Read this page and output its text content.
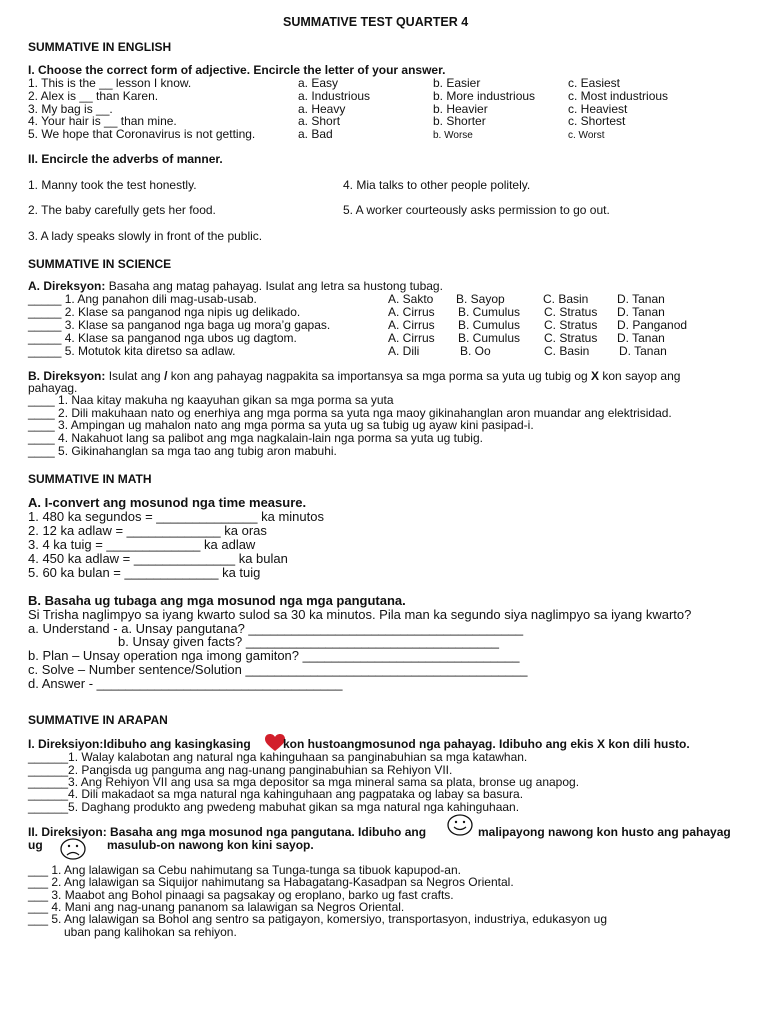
SUMMATIVE TEST QUARTER 4
SUMMATIVE IN ENGLISH
I. Choose the correct form of adjective. Encircle the letter of your answer.
1. This is the __ lesson I know.	a. Easy	b. Easier	c. Easiest
2. Alex is __ than Karen.	a. Industrious	b. More industrious	c. Most industrious
3. My bag is __.	a. Heavy	b. Heavier	c. Heaviest
4. Your hair is __ than mine.	a. Short	b. Shorter	c. Shortest
5. We hope that Coronavirus is not getting.	a. Bad	b. Worse	c. Worst
II. Encircle the adverbs of manner.
1. Manny took the test honestly.	4. Mia talks to other people politely.
2. The baby carefully gets her food.	5. A worker courteously asks permission to go out.
3. A lady speaks slowly in front of the public.
SUMMATIVE IN SCIENCE
A. Direksyon: Basaha ang matag pahayag. Isulat ang letra sa hustong tubag.
_____ 1. Ang panahon dili mag-usab-usab.	A. Sakto B. Sayop	C. Basin D. Tanan
_____ 2. Klase sa panganod nga nipis ug delikado.	A. Cirrus B. Cumulus C. Stratus D. Tanan
_____ 3. Klase sa panganod nga baga ug mora’g gapas.	A. Cirrus B. Cumulus C. Stratus D. Panganod
_____ 4. Klase sa panganod nga ubos ug dagtom.	A. Cirrus B. Cumulus C. Stratus D. Tanan
_____ 5. Motutok kita diretso sa adlaw.	A. Dili	B. Oo	C. Basin D. Tanan
B. Direksyon: Isulat ang / kon ang pahayag nagpakita sa importansya sa mga porma sa yuta ug tubig og X kon sayop ang
pahayag.
____ 1. Naa kitay makuha ng kaayuhan gikan sa mga porma sa yuta
____ 2. Dili makuhaan nato og enerhiya ang mga porma sa yuta nga maoy gikinahanglan aron muandar ang elektrisidad.
____ 3. Ampingan ug mahalon nato ang mga porma sa yuta ug sa tubig ug ayaw kini pasipad-i.
____ 4. Nakahuot lang sa palibot ang mga nagkalain-lain nga porma sa yuta ug tubig.
____ 5. Gikinahanglan sa mga tao ang tubig aron mabuhi.
SUMMATIVE IN MATH
A. I-convert ang mosunod nga time measure.
1. 480 ka segundos = ______________ ka minutos
2. 12 ka adlaw = _____________ ka oras
3. 4 ka tuig = _____________ ka adlaw
4. 450 ka adlaw = ______________ ka bulan
5. 60 ka bulan = _____________ ka tuig
B. Basaha ug tubaga ang mga mosunod nga mga pangutana.
Si Trisha naglimpyo sa iyang kwarto sulod sa 30 ka minutos. Pila man ka segundo siya naglimpyo sa iyang kwarto?
a. Understand - a. Unsay pangutana? ______________________________________
b. Unsay given facts? ___________________________________
b. Plan – Unsay operation nga imong gamiton? ______________________________
c. Solve – Number sentence/Solution _______________________________________
d. Answer - __________________________________
SUMMATIVE IN ARAPAN
I. Direksiyon:Idibuho ang kasingkasing	kon hustoangmosunod nga pahayag. Idibuho ang ekis X kon dili husto.
______1. Walay kalabotan ang natural nga kahinguhaan sa panginabuhian sa mga katawhan.
______2. Pangisda ug panguma ang nag-unang panginabuhian sa Rehiyon VII.
______3. Ang Rehiyon VII ang usa sa mga depositor sa mga mineral sama sa plata, bronse ug anapog.
______4. Dili makadaot sa mga natural nga kahinguhaan ang pagpataka og labay sa basura.
______5. Daghang produkto ang pwedeng mabuhat gikan sa mga natural nga kahinguhaan.
II. Direksiyon: Basaha ang mga mosunod nga pangutana. Idibuho ang	malipayong nawong kon husto ang pahayag
ug	masulub-on nawong kon kini sayop.
___ 1. Ang lalawigan sa Cebu nahimutang sa Tunga-tunga sa tibuok kapupod-an.
___ 2. Ang lalawigan sa Siquijor nahimutang sa Habagatang-Kasadpan sa Negros Oriental.
___ 3. Maabot ang Bohol pinaagi sa pagsakay og eroplano, barko ug fast crafts.
___ 4. Mani ang nag-unang pananom sa lalawigan sa Negros Oriental.
___ 5. Ang lalawigan sa Bohol ang sentro sa patigayon, komersiyo, transportasyon, industriya, edukasyon ug
uban pang kalihokan sa rehiyon.
